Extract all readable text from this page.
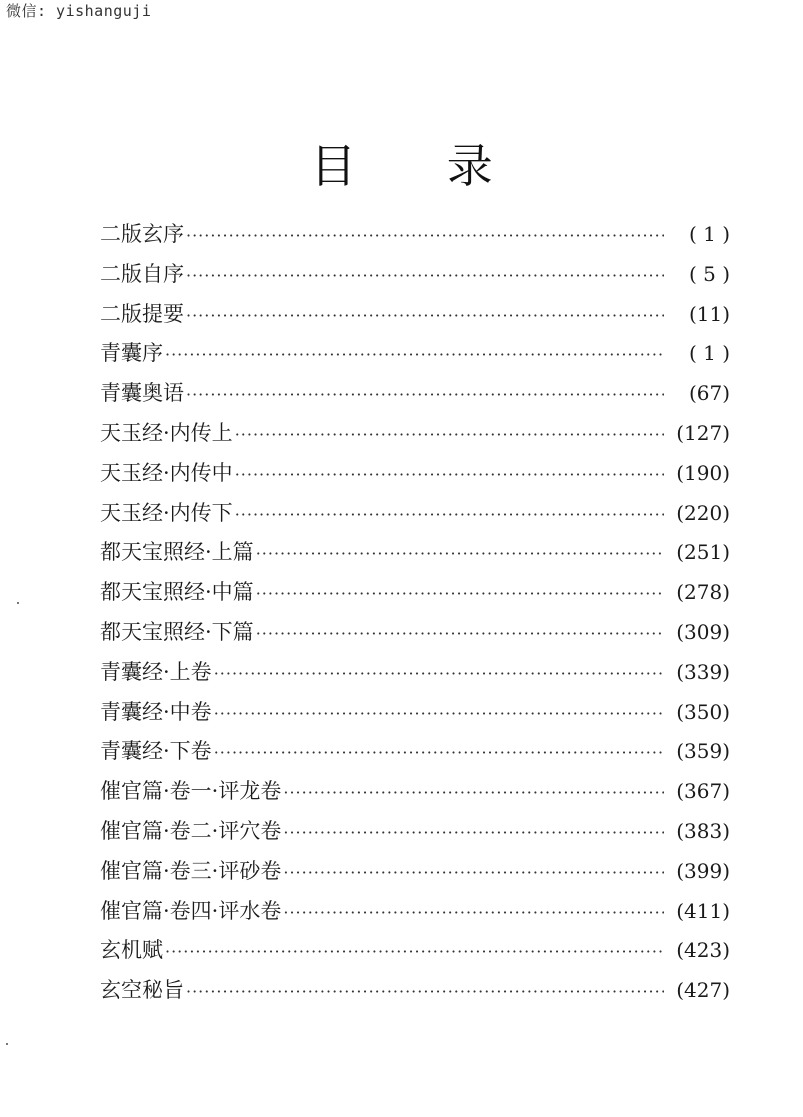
微信: yishanguji
目 录
二版玄序 ·····	( 1 )
二版自序 ·····	( 5 )
二版提要 ·····	(11)
青囊序 ·····	( 1 )
青囊奥语 ·····	(67)
天玉经·内传上 ·····	(127)
天玉经·内传中 ·····	(190)
天玉经·内传下 ·····	(220)
都天宝照经·上篇 ·····	(251)
都天宝照经·中篇 ·····	(278)
都天宝照经·下篇 ·····	(309)
青囊经·上卷 ·····	(339)
青囊经·中卷 ·····	(350)
青囊经·下卷 ·····	(359)
催官篇·卷一·评龙卷 ·····	(367)
催官篇·卷二·评穴卷 ·····	(383)
催官篇·卷三·评砂卷 ·····	(399)
催官篇·卷四·评水卷 ·····	(411)
玄机赋 ·····	(423)
玄空秘旨 ·····	(427)
